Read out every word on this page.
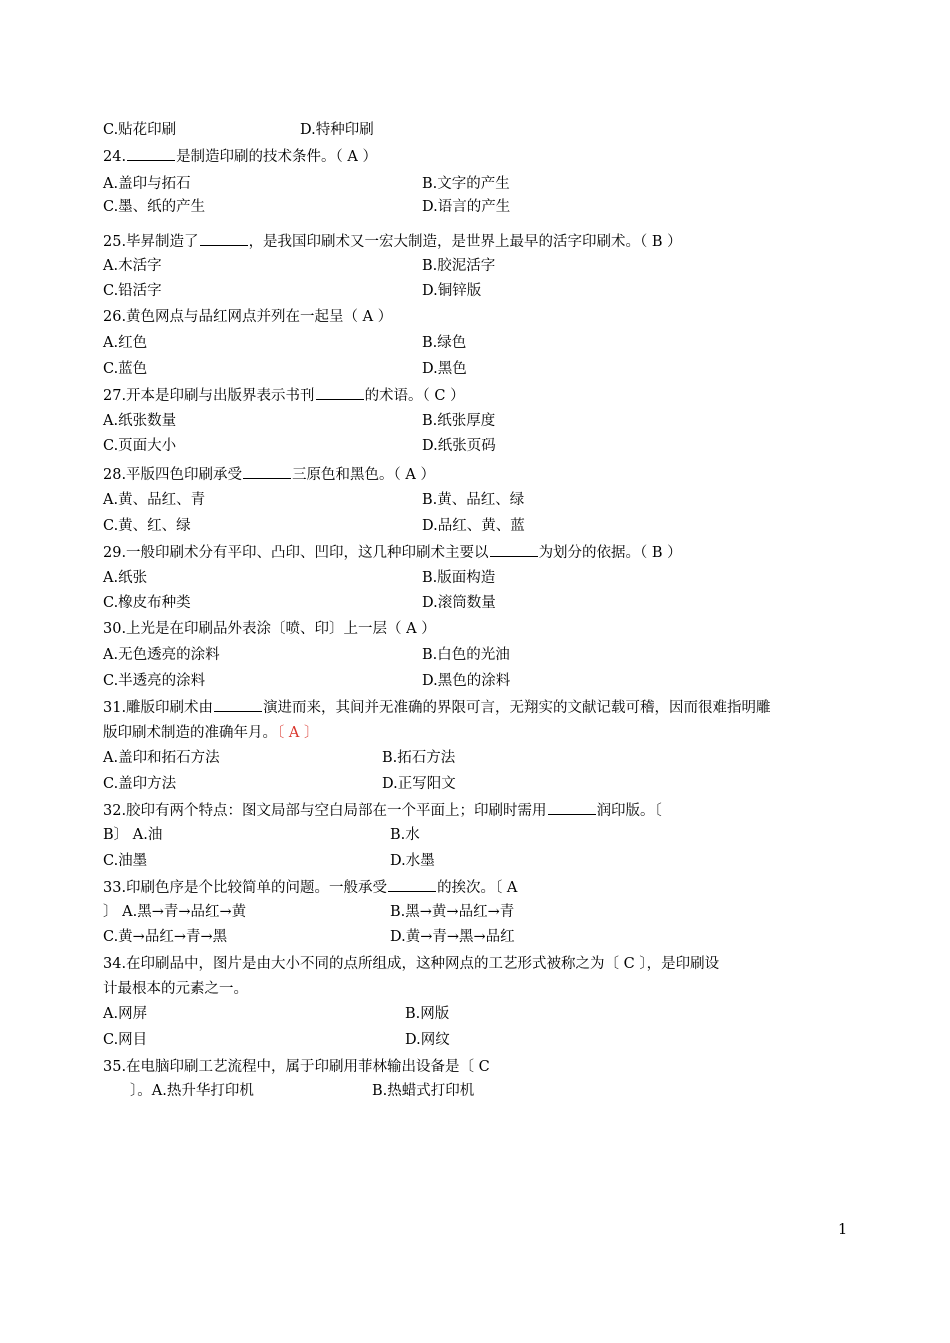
C.贴花印刷	D.特种印刷
24.	是制造印刷的技术条件。（ A ）
A.盖印与拓石	B.文字的产生
C.墨、纸的产生	D.语言的产生
25.毕昇制造了	，是我国印刷术又一宏大制造，是世界上最早的活字印刷术。（ B ）
A.木活字	B.胶泥活字
C.铅活字	D.铜锌版
26.黄色网点与品红网点并列在一起呈（ A ）
A.红色	B.绿色
C.蓝色	D.黑色
27.开本是印刷与出版界表示书刊	的术语。（ C ）
A.纸张数量	B.纸张厚度
C.页面大小	D.纸张页码
28.平版四色印刷承受	三原色和黑色。（ A ）
A.黄、品红、青	B.黄、品红、绿
C.黄、红、绿	D.品红、黄、蓝
29.一般印刷术分有平印、凸印、凹印，这几种印刷术主要以	为划分的依据。（ B ）
A.纸张	B.版面构造
C.橡皮布种类	D.滚筒数量
30.上光是在印刷品外表涂〔喷、印〕上一层（ A ）
A.无色透亮的涂料	B.白色的光油
C.半透亮的涂料	D.黑色的涂料
31.雕版印刷术由	演进而来，其间并无准确的界限可言，无翔实的文献记载可稽，因而很难指明雕
版印刷术制造的准确年月。〔 A 〕
A.盖印和拓石方法	B.拓石方法
C.盖印方法	D.正写阳文
32.胶印有两个特点：图文局部与空白局部在一个平面上；印刷时需用	润印版。〔
B〕 A.油	B.水
C.油墨	D.水墨
33.印刷色序是个比较简单的问题。一般承受	的挨次。〔 A
〕 A.黑→青→品红→黄	B.黑→黄→品红→青
C.黄→品红→青→黑	D.黄→青→黑→品红
34.在印刷品中，图片是由大小不同的点所组成，这种网点的工艺形式被称之为〔 C 〕，是印刷设
计最根本的元素之一。
A.网屏	B.网版
C.网目	D.网纹
35.在电脑印刷工艺流程中，属于印刷用菲林输出设备是〔 C
〕。A.热升华打印机	B.热蜡式打印机
1
